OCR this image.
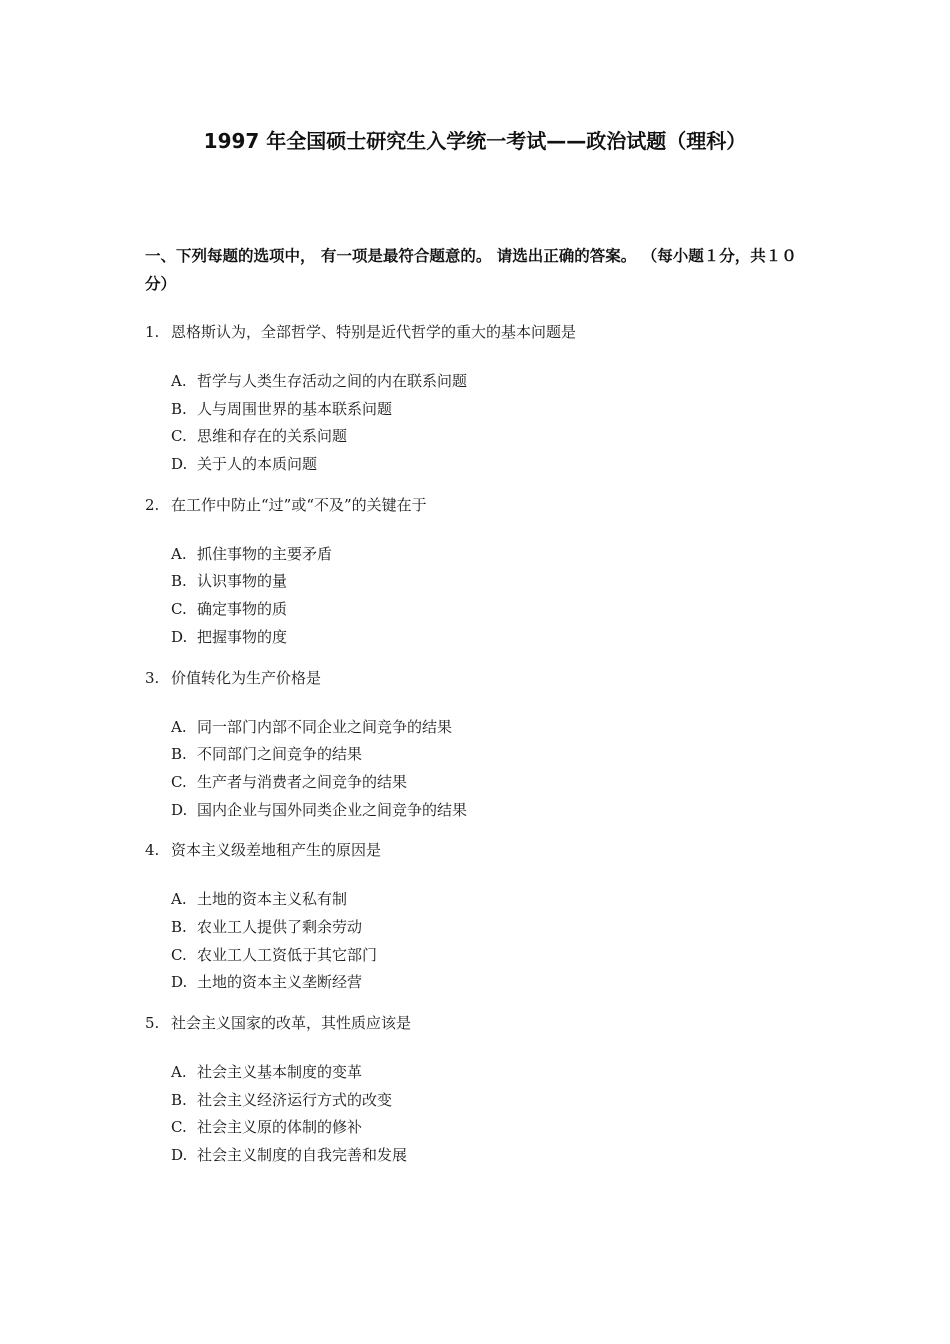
1997 年全国硕士研究生入学统一考试——政治试题（理科）
一、下列每题的选项中， 有一项是最符合题意的。 请选出正确的答案。 （每小题１分，共１０分）
1. 恩格斯认为，全部哲学、特别是近代哲学的重大的基本问题是
A. 哲学与人类生存活动之间的内在联系问题
B. 人与周围世界的基本联系问题
C. 思维和存在的关系问题
D. 关于人的本质问题
2. 在工作中防止“过”或“不及”的关键在于
A. 抓住事物的主要矛盾
B. 认识事物的量
C. 确定事物的质
D. 把握事物的度
3. 价值转化为生产价格是
A. 同一部门内部不同企业之间竞争的结果
B. 不同部门之间竞争的结果
C. 生产者与消费者之间竞争的结果
D. 国内企业与国外同类企业之间竞争的结果
4. 资本主义级差地租产生的原因是
A. 土地的资本主义私有制
B. 农业工人提供了剩余劳动
C. 农业工人工资低于其它部门
D. 土地的资本主义垄断经营
5. 社会主义国家的改革，其性质应该是
A. 社会主义基本制度的变革
B. 社会主义经济运行方式的改变
C. 社会主义原的体制的修补
D. 社会主义制度的自我完善和发展
